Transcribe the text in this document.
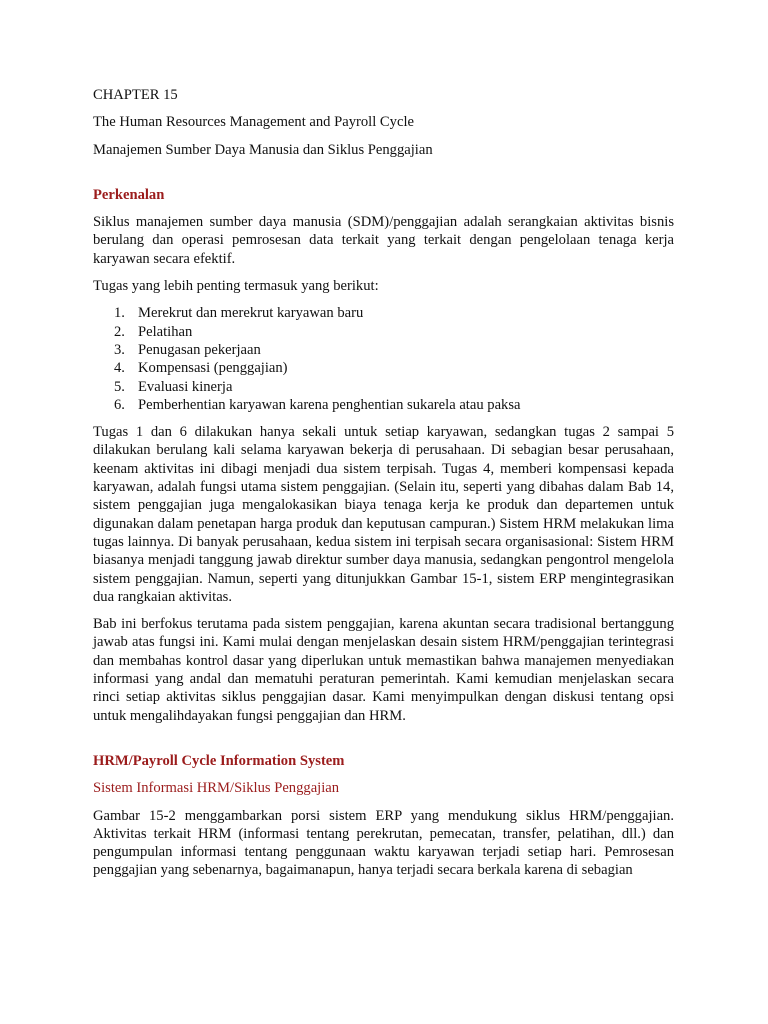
CHAPTER 15

The Human Resources Management and Payroll Cycle

Manajemen Sumber Daya Manusia dan Siklus Penggajian

Perkenalan

Siklus manajemen sumber daya manusia (SDM)/penggajian adalah serangkaian aktivitas bisnis berulang dan operasi pemrosesan data terkait yang terkait dengan pengelolaan tenaga kerja karyawan secara efektif.

Tugas yang lebih penting termasuk yang berikut:

1. Merekrut dan merekrut karyawan baru
2. Pelatihan
3. Penugasan pekerjaan
4. Kompensasi (penggajian)
5. Evaluasi kinerja
6. Pemberhentian karyawan karena penghentian sukarela atau paksa

Tugas 1 dan 6 dilakukan hanya sekali untuk setiap karyawan, sedangkan tugas 2 sampai 5 dilakukan berulang kali selama karyawan bekerja di perusahaan. Di sebagian besar perusahaan, keenam aktivitas ini dibagi menjadi dua sistem terpisah. Tugas 4, memberi kompensasi kepada karyawan, adalah fungsi utama sistem penggajian. (Selain itu, seperti yang dibahas dalam Bab 14, sistem penggajian juga mengalokasikan biaya tenaga kerja ke produk dan departemen untuk digunakan dalam penetapan harga produk dan keputusan campuran.) Sistem HRM melakukan lima tugas lainnya. Di banyak perusahaan, kedua sistem ini terpisah secara organisasional: Sistem HRM biasanya menjadi tanggung jawab direktur sumber daya manusia, sedangkan pengontrol mengelola sistem penggajian. Namun, seperti yang ditunjukkan Gambar 15-1, sistem ERP mengintegrasikan dua rangkaian aktivitas.

Bab ini berfokus terutama pada sistem penggajian, karena akuntan secara tradisional bertanggung jawab atas fungsi ini. Kami mulai dengan menjelaskan desain sistem HRM/penggajian terintegrasi dan membahas kontrol dasar yang diperlukan untuk memastikan bahwa manajemen menyediakan informasi yang andal dan mematuhi peraturan pemerintah. Kami kemudian menjelaskan secara rinci setiap aktivitas siklus penggajian dasar. Kami menyimpulkan dengan diskusi tentang opsi untuk mengalihdayakan fungsi penggajian dan HRM.

HRM/Payroll Cycle Information System

Sistem Informasi HRM/Siklus Penggajian

Gambar 15-2 menggambarkan porsi sistem ERP yang mendukung siklus HRM/penggajian. Aktivitas terkait HRM (informasi tentang perekrutan, pemecatan, transfer, pelatihan, dll.) dan pengumpulan informasi tentang penggunaan waktu karyawan terjadi setiap hari. Pemrosesan penggajian yang sebenarnya, bagaimanapun, hanya terjadi secara berkala karena di sebagian
